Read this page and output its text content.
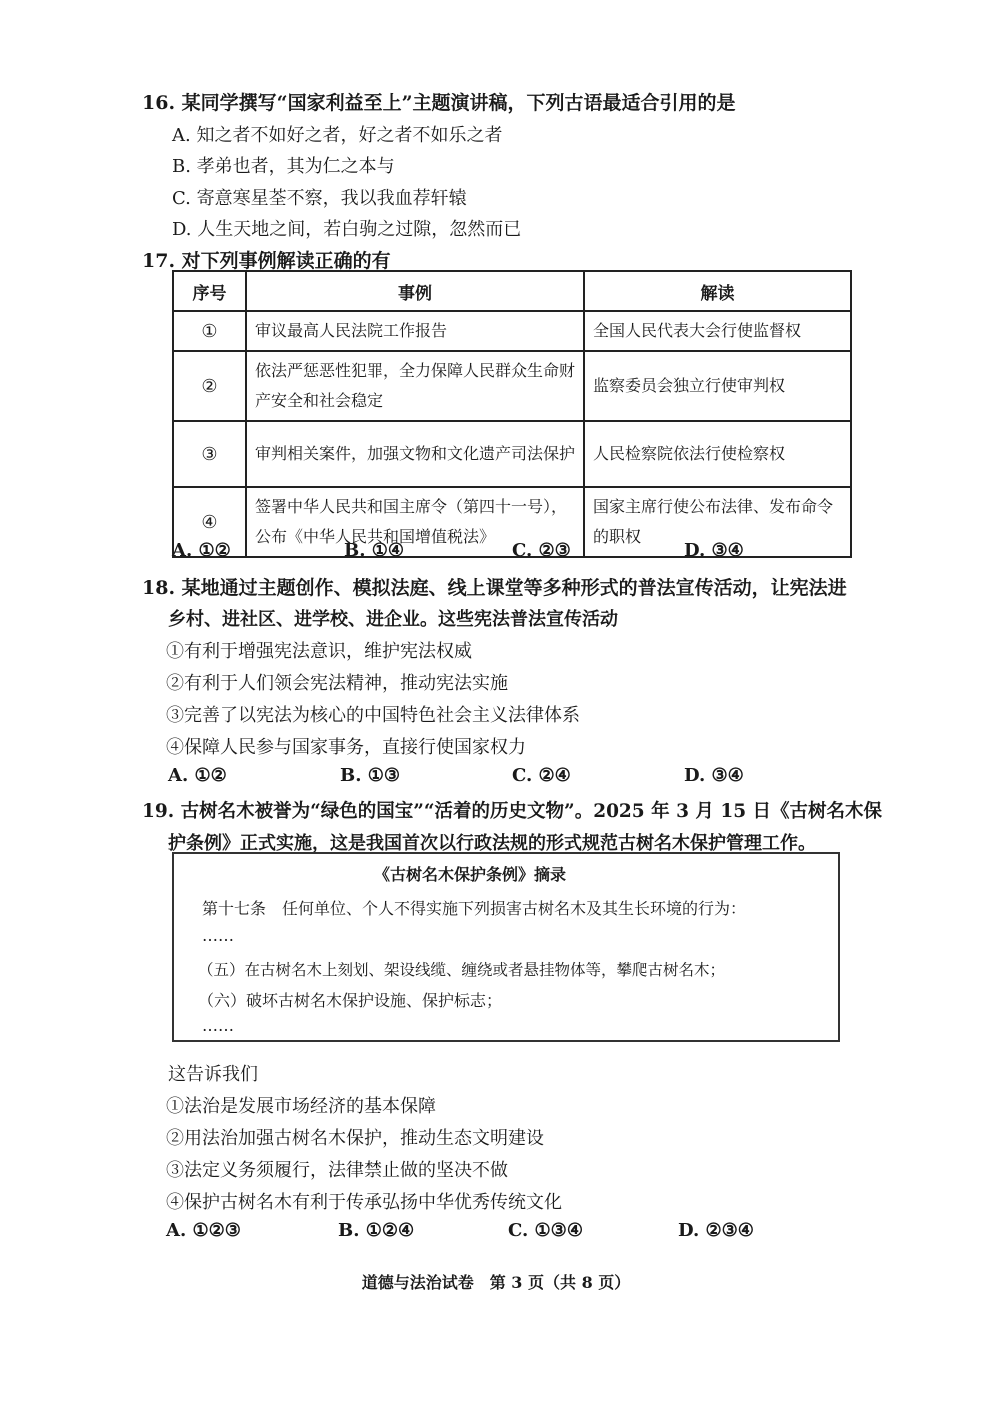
16. 某同学撰写“国家利益至上”主题演讲稿，下列古语最适合引用的是
A. 知之者不如好之者，好之者不如乐之者
B. 孝弟也者，其为仁之本与
C. 寄意寒星荃不察，我以我血荐轩辕
D. 人生天地之间，若白驹之过隙，忽然而已
17. 对下列事例解读正确的有
序号	事例	解读
①	审议最高人民法院工作报告	全国人民代表大会行使监督权
②	依法严惩恶性犯罪，全力保障人民群众生命财产安全和社会稳定	监察委员会独立行使审判权
③	审判相关案件，加强文物和文化遗产司法保护	人民检察院依法行使检察权
④	签署中华人民共和国主席令（第四十一号），公布《中华人民共和国增值税法》	国家主席行使公布法律、发布命令的职权
A. ①②	B. ①④	C. ②③	D. ③④
18. 某地通过主题创作、模拟法庭、线上课堂等多种形式的普法宣传活动，让宪法进
乡村、进社区、进学校、进企业。这些宪法普法宣传活动
①有利于增强宪法意识，维护宪法权威
②有利于人们领会宪法精神，推动宪法实施
③完善了以宪法为核心的中国特色社会主义法律体系
④保障人民参与国家事务，直接行使国家权力
A. ①②	B. ①③	C. ②④	D. ③④
19. 古树名木被誉为“绿色的国宝”“活着的历史文物”。2025 年 3 月 15 日《古树名木保
护条例》正式实施，这是我国首次以行政法规的形式规范古树名木保护管理工作。
《古树名木保护条例》摘录
第十七条　任何单位、个人不得实施下列损害古树名木及其生长环境的行为：
……
（五）在古树名木上刻划、架设线缆、缠绕或者悬挂物体等，攀爬古树名木；
（六）破坏古树名木保护设施、保护标志；
……
这告诉我们
①法治是发展市场经济的基本保障
②用法治加强古树名木保护，推动生态文明建设
③法定义务须履行，法律禁止做的坚决不做
④保护古树名木有利于传承弘扬中华优秀传统文化
A. ①②③	B. ①②④	C. ①③④	D. ②③④
道德与法治试卷　第 3 页（共 8 页）
